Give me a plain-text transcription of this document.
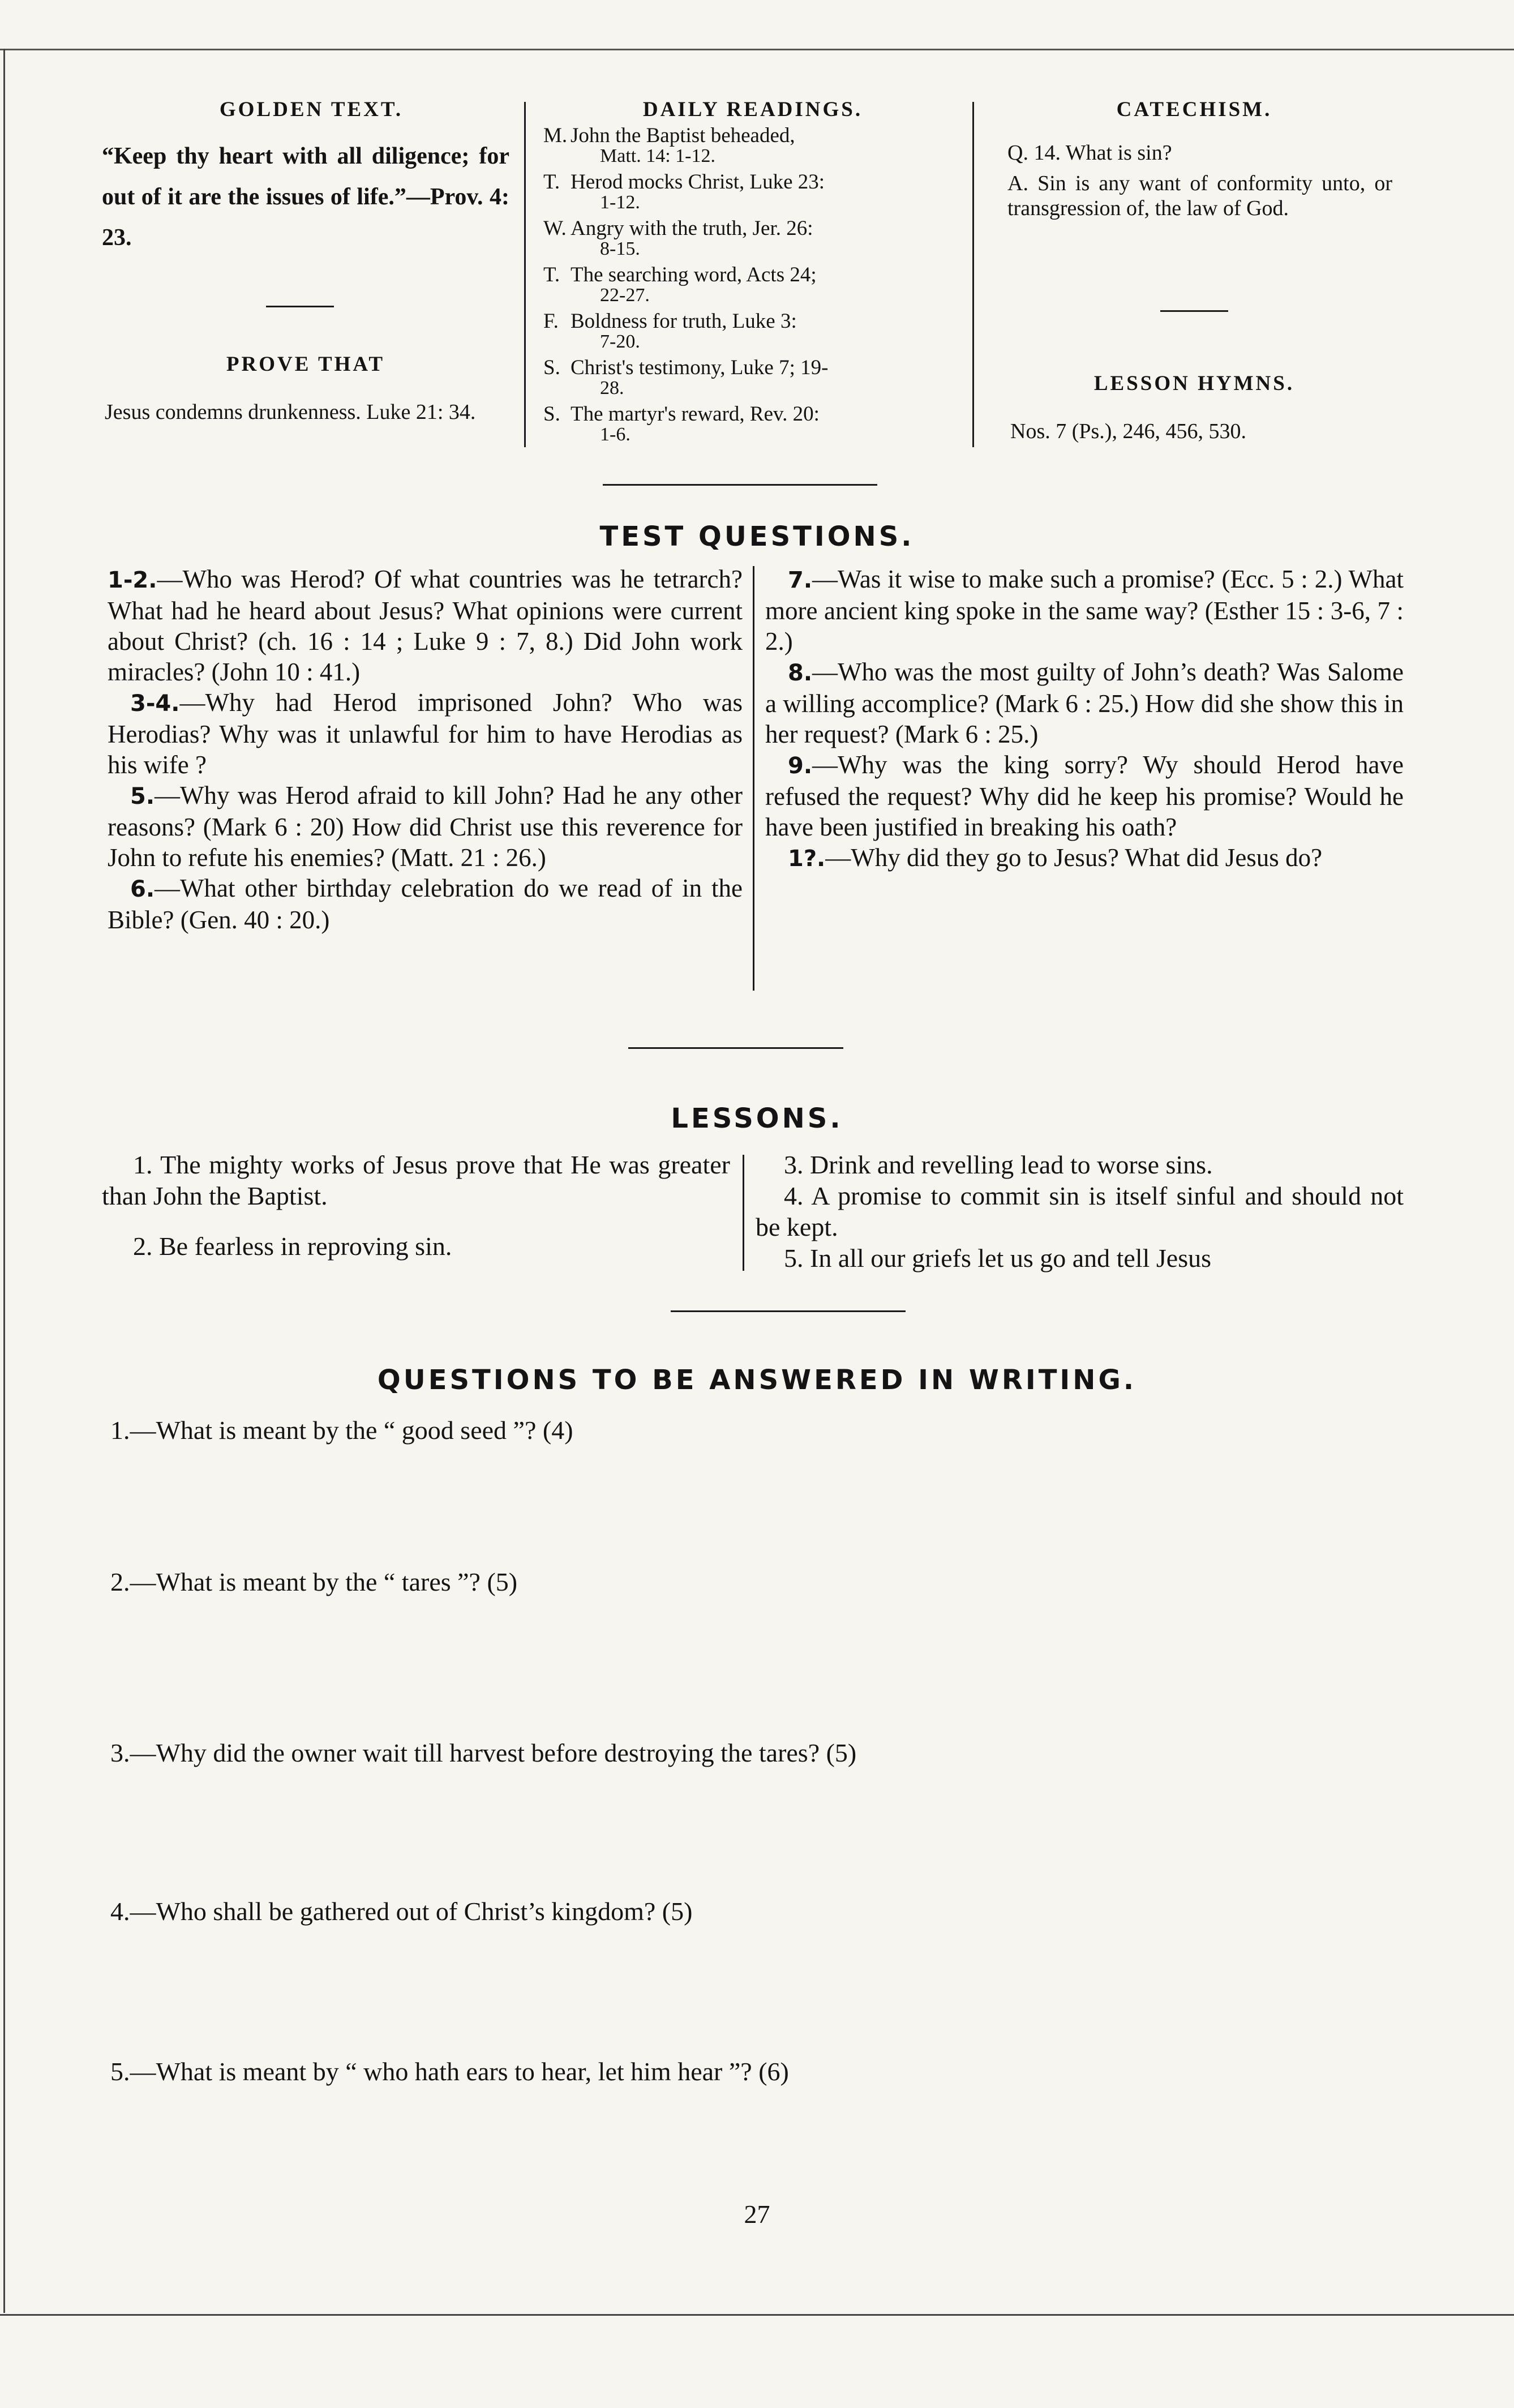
GOLDEN TEXT.
“Keep thy heart with all diligence; for out of it are the issues of life.”—Prov. 4: 23.
PROVE THAT
Jesus condemns drunkenness. Luke 21: 34.
DAILY READINGS.
M. John the Baptist beheaded,
Matt. 14: 1-12.
T. Herod mocks Christ, Luke 23:
1-12.
W. Angry with the truth, Jer. 26:
8-15.
T. The searching word, Acts 24;
22-27.
F. Boldness for truth, Luke 3:
7-20.
S. Christ's testimony, Luke 7; 19-
28.
S. The martyr's reward, Rev. 20:
1-6.
CATECHISM.
Q. 14. What is sin?
A. Sin is any want of conformity unto, or transgression of, the law of God.
LESSON HYMNS.
Nos. 7 (Ps.), 246, 456, 530.
TEST QUESTIONS.
1-2.—Who was Herod? Of what countries was he tetrarch? What had he heard about Jesus? What opinions were current about Christ? (ch. 16 : 14 ; Luke 9 : 7, 8.) Did John work miracles? (John 10 : 41.)
3-4.—Why had Herod imprisoned John? Who was Herodias? Why was it unlawful for him to have Herodias as his wife ?
5.—Why was Herod afraid to kill John? Had he any other reasons? (Mark 6 : 20) How did Christ use this reverence for John to refute his enemies? (Matt. 21 : 26.)
6.—What other birthday celebration do we read of in the Bible? (Gen. 40 : 20.)
7.—Was it wise to make such a promise? (Ecc. 5 : 2.) What more ancient king spoke in the same way? (Esther 15 : 3-6, 7 : 2.)
8.—Who was the most guilty of John’s death? Was Salome a willing accomplice? (Mark 6 : 25.) How did she show this in her request? (Mark 6 : 25.)
9.—Why was the king sorry? Wy should Herod have refused the request? Why did he keep his promise? Would he have been justified in breaking his oath?
1?.—Why did they go to Jesus? What did Jesus do?
LESSONS.
1. The mighty works of Jesus prove that He was greater than John the Baptist.
2. Be fearless in reproving sin.
3. Drink and revelling lead to worse sins.
4. A promise to commit sin is itself sinful and should not be kept.
5. In all our griefs let us go and tell Jesus
QUESTIONS TO BE ANSWERED IN WRITING.
1.—What is meant by the “ good seed ”? (4)
2.—What is meant by the “ tares ”? (5)
3.—Why did the owner wait till harvest before destroying the tares? (5)
4.—Who shall be gathered out of Christ’s kingdom? (5)
5.—What is meant by “ who hath ears to hear, let him hear ”? (6)
27
